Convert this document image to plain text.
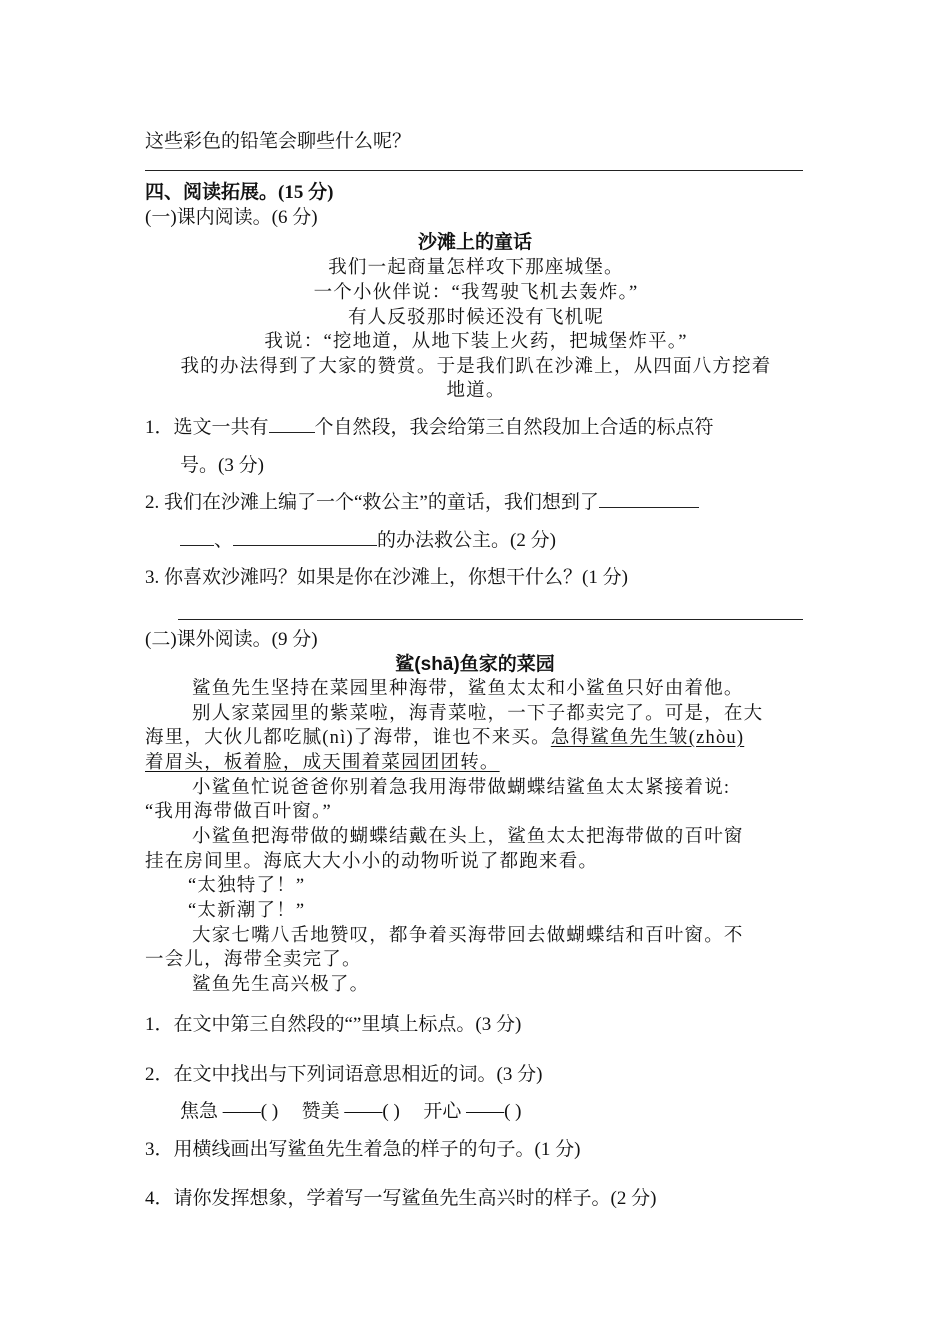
这些彩色的铅笔会聊些什么呢？
四、阅读拓展。(15 分)
(一)课内阅读。(6 分)
沙滩上的童话
我们一起商量怎样攻下那座城堡。
一个小伙伴说：“我驾驶飞机去轰炸。”
有人反驳那时候还没有飞机呢
我说：“挖地道，从地下装上火药，把城堡炸平。”
我的办法得到了大家的赞赏。于是我们趴在沙滩上，从四面八方挖着
地道。
1．选文一共有 个自然段，我会给第三自然段加上合适的标点符
号。(3 分)
2. 我们在沙滩上编了一个“救公主”的童话，我们想到了
、	的办法救公主。(2 分)
3. 你喜欢沙滩吗？如果是你在沙滩上，你想干什么？(1 分)
(二)课外阅读。(9 分)
鲨(shā)鱼家的菜园
鲨鱼先生坚持在菜园里种海带，鲨鱼太太和小鲨鱼只好由着他。
别人家菜园里的紫菜啦，海青菜啦，一下子都卖完了。可是，在大
海里，大伙儿都吃腻(nì)了海带，谁也不来买。急得鲨鱼先生皱(zhòu)
着眉头，板着脸，成天围着菜园团团转。
小鲨鱼忙说爸爸你别着急我用海带做蝴蝶结鲨鱼太太紧接着说:
“我用海带做百叶窗。”
小鲨鱼把海带做的蝴蝶结戴在头上，鲨鱼太太把海带做的百叶窗
挂在房间里。海底大大小小的动物听说了都跑来看。
“太独特了！”
“太新潮了！”
大家七嘴八舌地赞叹，都争着买海带回去做蝴蝶结和百叶窗。不
一会儿，海带全卖完了。
鲨鱼先生高兴极了。
1．在文中第三自然段的“”里填上标点。(3 分)
2．在文中找出与下列词语意思相近的词。(3 分)
焦急 ——( ) 赞美 ——( ) 开心 ——( )
3．用横线画出写鲨鱼先生着急的样子的句子。(1 分)
4．请你发挥想象，学着写一写鲨鱼先生高兴时的样子。(2 分)
